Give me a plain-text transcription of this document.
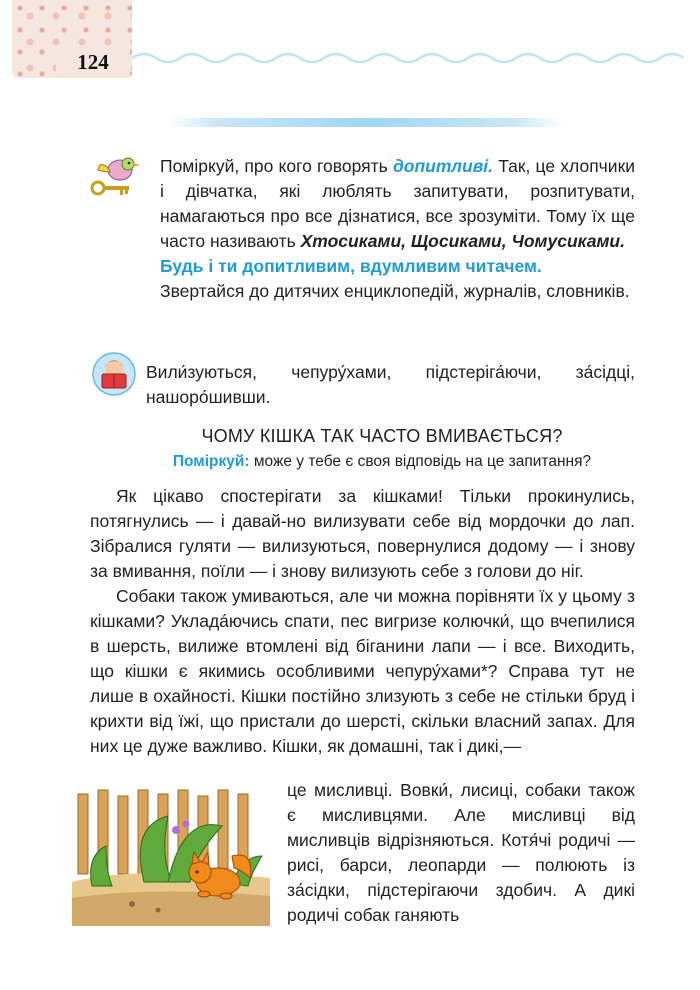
124

Поміркуй, про кого говорять допитливі. Так, це хлопчики і дівчатка, які люблять запитувати, розпитувати, намагаються про все дізнатися, все зрозуміти. Тому їх ще часто називають Хтосиками, Щосиками, Чомусиками.
Будь і ти допитливим, вдумливим читачем.
Звертайся до дитячих енциклопедій, журналів, словників.

Вили́зуються, чепуру́хами, підстерiга́ючи, за́сідці,

нашоро́шивши.

ЧОМУ КІШКА ТАК ЧАСТО ВМИВАЄТЬСЯ?
Поміркуй: може у тебе є своя відповідь на це запитання?

Як цікаво спостерігати за кішками! Тільки прокинулись, потягнулись — і давай-но вилизувати себе від мордочки до лап. Зібралися гуляти — вилизуються, повернулися додому — і знову за вмивання, поїли — і знову вилизують себе з голови до ніг.

Собаки також умиваються, але чи можна порівняти їх у цьому з кішками? Укладáючись спати, пес вигризе колючки́, що вчепилися в шерсть, вилиже втомлені від біганини лапи — і все. Виходить, що кішки є якимись особливими чепуру́хами*? Справа тут не лише в охайності. Кішки постійно злизують з себе не стільки бруд і крихти від їжі, що пристали до шерсті, скільки власний запах. Для них це дуже важливо. Кішки, як домашні, так і дикі,—

це мисливці. Вовки́, лисиці, собаки також є мисливцями. Але мисливці від мисливців відрізняються. Котя́чі родичі — рисі, барси, леопарди — полюють із за́сідки, підстерігаючи здобич. А дикі родичі собак ганяють
